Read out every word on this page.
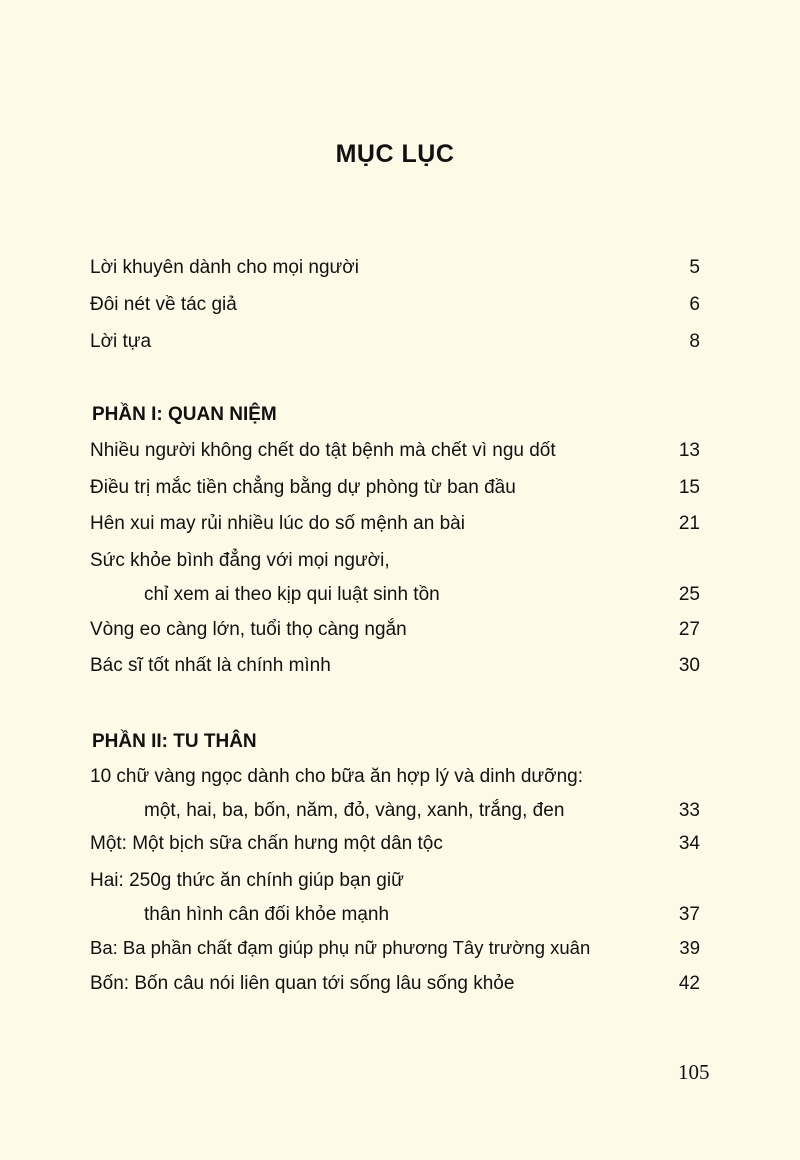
MỤC LỤC
Lời khuyên dành cho mọi người	5
Đôi nét về tác giả	6
Lời tựa	8
PHẦN I: QUAN NIỆM
Nhiều người không chết do tật bệnh mà chết vì ngu dốt	13
Điều trị mắc tiền chẳng bằng dự phòng từ ban đầu	15
Hên xui may rủi nhiều lúc do số mệnh an bài	21
Sức khỏe bình đẳng với mọi người,
chỉ xem ai theo kịp qui luật sinh tồn	25
Vòng eo càng lớn, tuổi thọ càng ngắn	27
Bác sĩ tốt nhất là chính mình	30
PHẦN II: TU THÂN
10 chữ vàng ngọc dành cho bữa ăn hợp lý và dinh dưỡng:
một, hai, ba, bốn, năm, đỏ, vàng, xanh, trắng, đen	33
Một: Một bịch sữa chấn hưng một dân tộc	34
Hai: 250g thức ăn chính giúp bạn giữ
thân hình cân đối khỏe mạnh	37
Ba: Ba phần chất đạm giúp phụ nữ phương Tây trường xuân	39
Bốn: Bốn câu nói liên quan tới sống lâu sống khỏe	42
105
